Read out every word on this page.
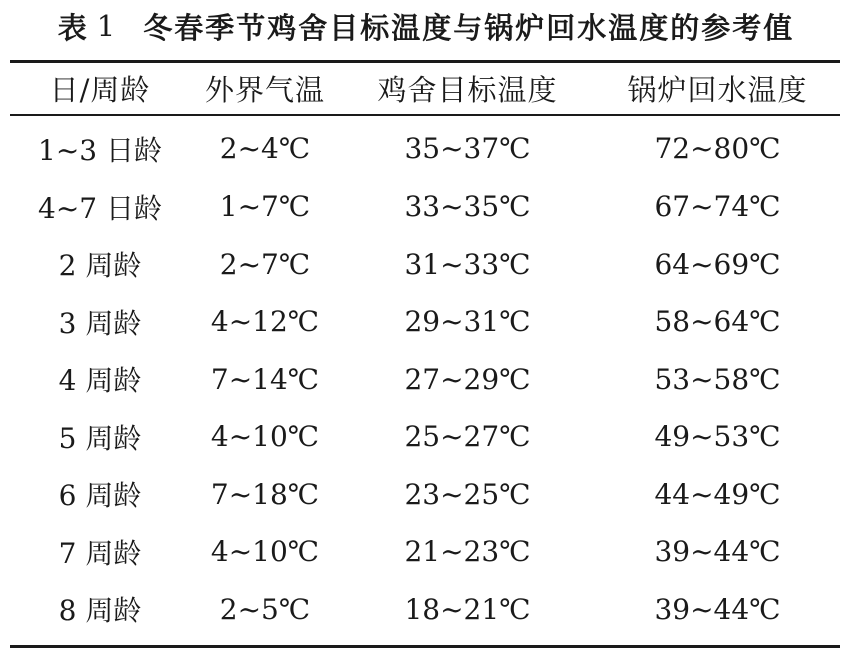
表 1 冬春季节鸡舍目标温度与锅炉回水温度的参考值
日/周龄	外界气温	鸡舍目标温度	锅炉回水温度
1~3 日龄	2~4℃	35~37℃	72~80℃
4~7 日龄	1~7℃	33~35℃	67~74℃
2 周龄	2~7℃	31~33℃	64~69℃
3 周龄	4~12℃	29~31℃	58~64℃
4 周龄	7~14℃	27~29℃	53~58℃
5 周龄	4~10℃	25~27℃	49~53℃
6 周龄	7~18℃	23~25℃	44~49℃
7 周龄	4~10℃	21~23℃	39~44℃
8 周龄	2~5℃	18~21℃	39~44℃
